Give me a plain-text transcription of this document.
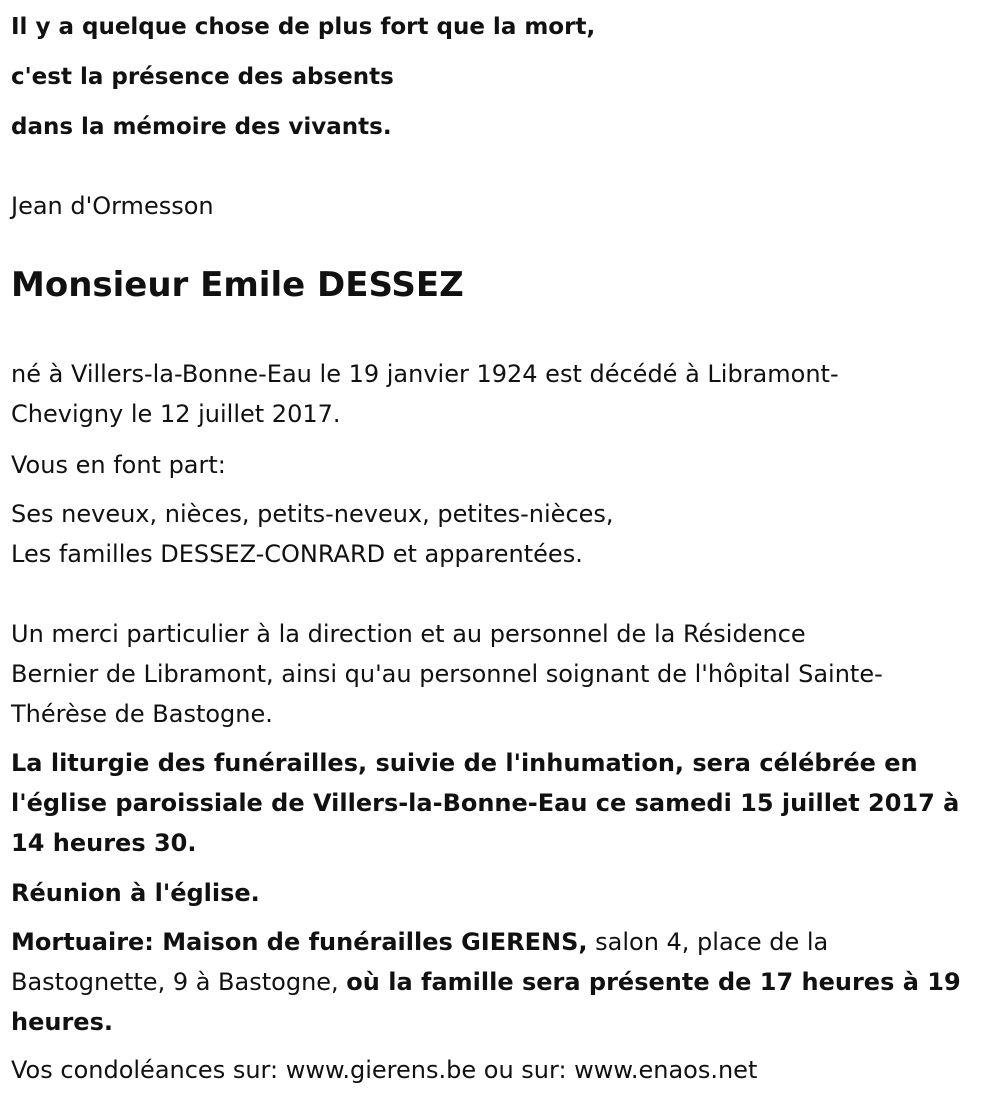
Il y a quelque chose de plus fort que la mort,

c'est la présence des absents

dans la mémoire des vivants.

Jean d'Ormesson

Monsieur Emile DESSEZ
né à Villers-la-Bonne-Eau le 19 janvier 1924 est décédé à Libramont-
Chevigny le 12 juillet 2017.
Vous en font part:
Ses neveux, nièces, petits-neveux, petites-nièces,
Les familles DESSEZ-CONRARD et apparentées.
Un merci particulier à la direction et au personnel de la Résidence
Bernier de Libramont, ainsi qu'au personnel soignant de l'hôpital Sainte-
Thérèse de Bastogne.
La liturgie des funérailles, suivie de l'inhumation, sera célébrée en
l'église paroissiale de Villers-la-Bonne-Eau ce samedi 15 juillet 2017 à
14 heures 30.
Réunion à l'église.
Mortuaire: Maison de funérailles GIERENS, salon 4, place de la
Bastognette, 9 à Bastogne, où la famille sera présente de 17 heures à 19
heures.
Vos condoléances sur: www.gierens.be ou sur: www.enaos.net
